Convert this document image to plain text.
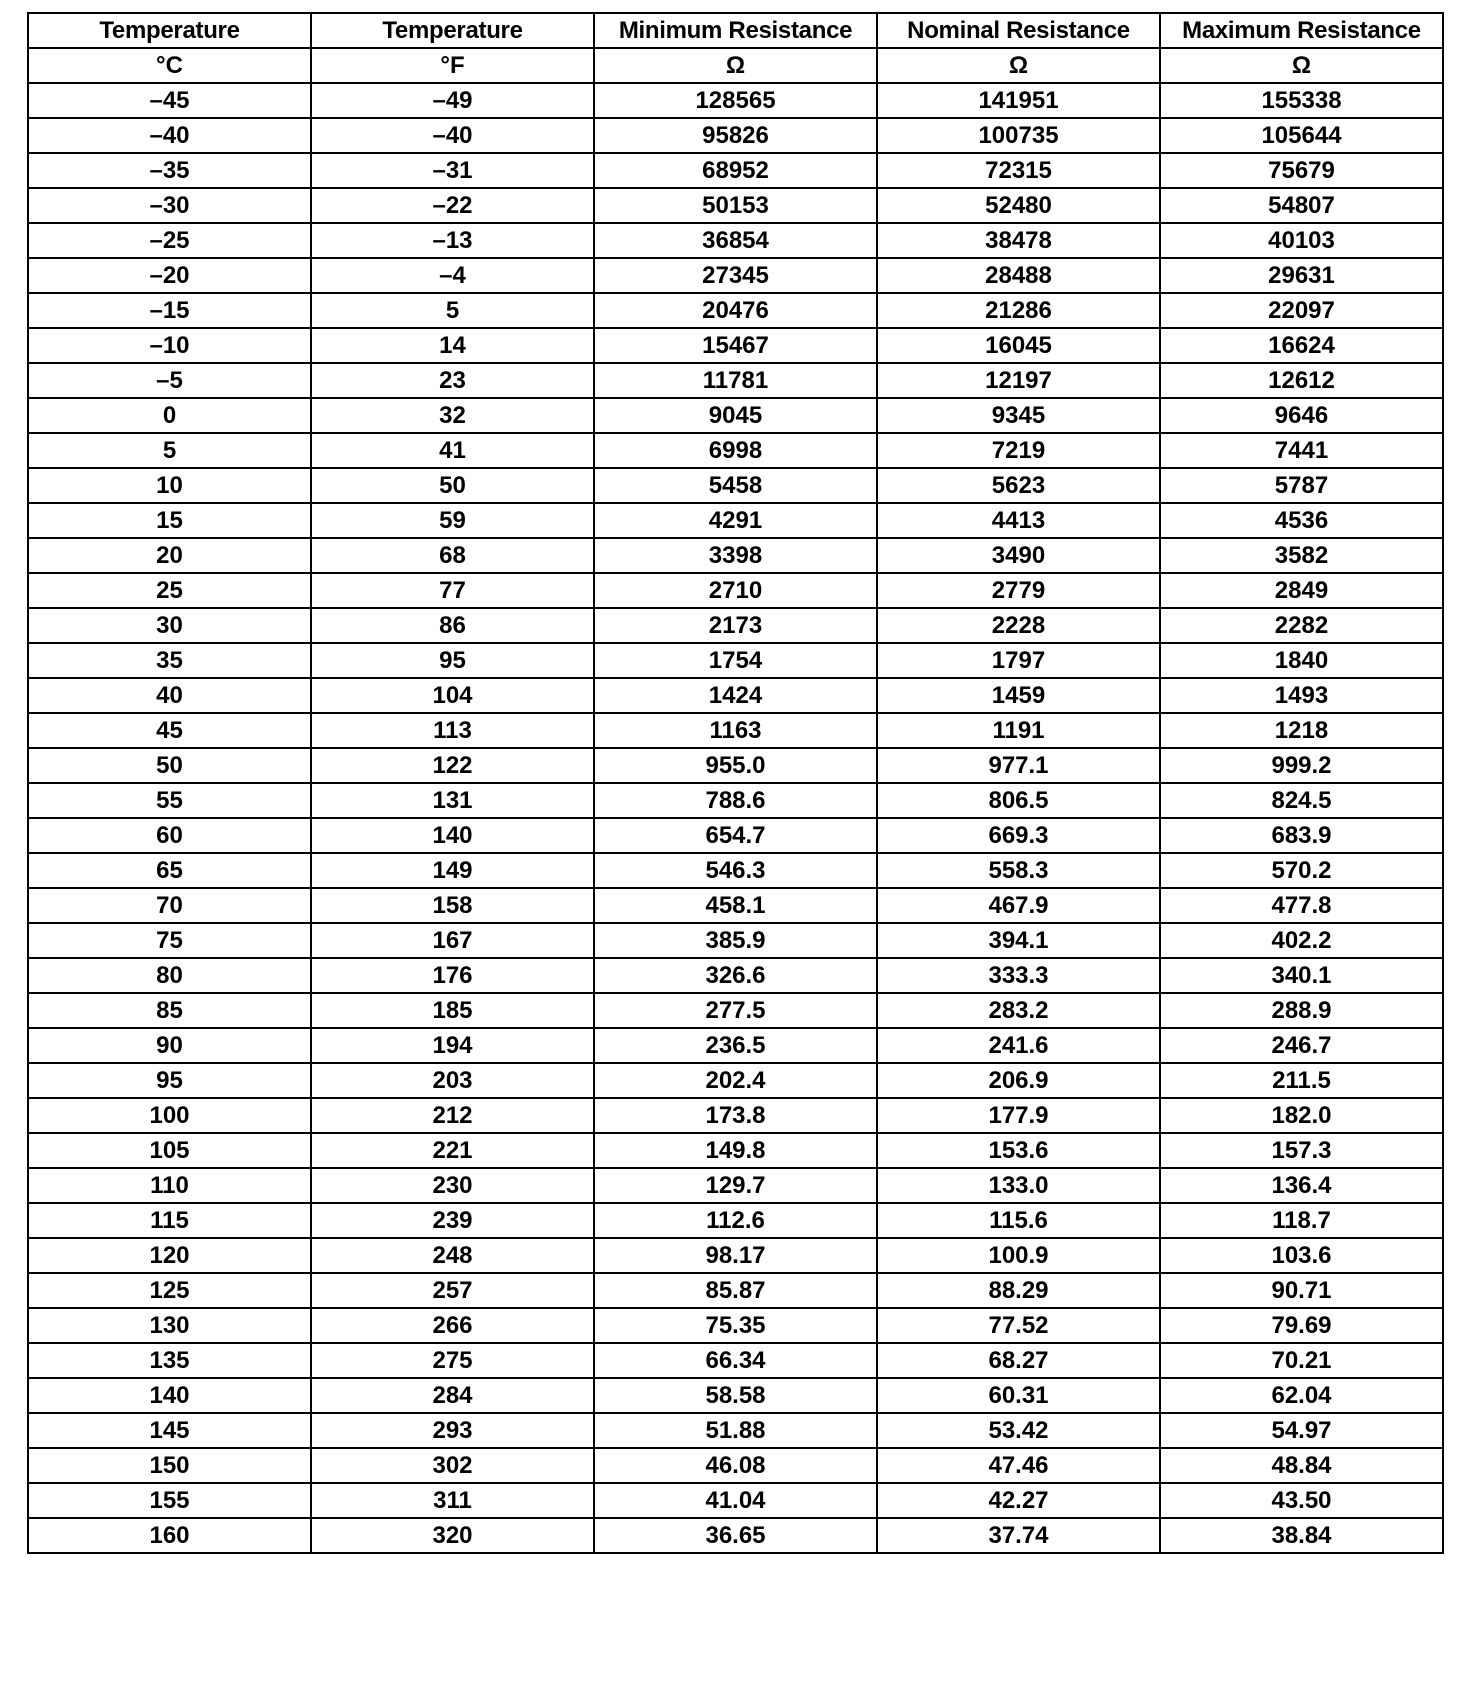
Temperature	Temperature	Minimum Resistance	Nominal Resistance	Maximum Resistance
°C	°F	Ω	Ω	Ω
–45	–49	128565	141951	155338
–40	–40	95826	100735	105644
–35	–31	68952	72315	75679
–30	–22	50153	52480	54807
–25	–13	36854	38478	40103
–20	–4	27345	28488	29631
–15	5	20476	21286	22097
–10	14	15467	16045	16624
–5	23	11781	12197	12612
0	32	9045	9345	9646
5	41	6998	7219	7441
10	50	5458	5623	5787
15	59	4291	4413	4536
20	68	3398	3490	3582
25	77	2710	2779	2849
30	86	2173	2228	2282
35	95	1754	1797	1840
40	104	1424	1459	1493
45	113	1163	1191	1218
50	122	955.0	977.1	999.2
55	131	788.6	806.5	824.5
60	140	654.7	669.3	683.9
65	149	546.3	558.3	570.2
70	158	458.1	467.9	477.8
75	167	385.9	394.1	402.2
80	176	326.6	333.3	340.1
85	185	277.5	283.2	288.9
90	194	236.5	241.6	246.7
95	203	202.4	206.9	211.5
100	212	173.8	177.9	182.0
105	221	149.8	153.6	157.3
110	230	129.7	133.0	136.4
115	239	112.6	115.6	118.7
120	248	98.17	100.9	103.6
125	257	85.87	88.29	90.71
130	266	75.35	77.52	79.69
135	275	66.34	68.27	70.21
140	284	58.58	60.31	62.04
145	293	51.88	53.42	54.97
150	302	46.08	47.46	48.84
155	311	41.04	42.27	43.50
160	320	36.65	37.74	38.84
